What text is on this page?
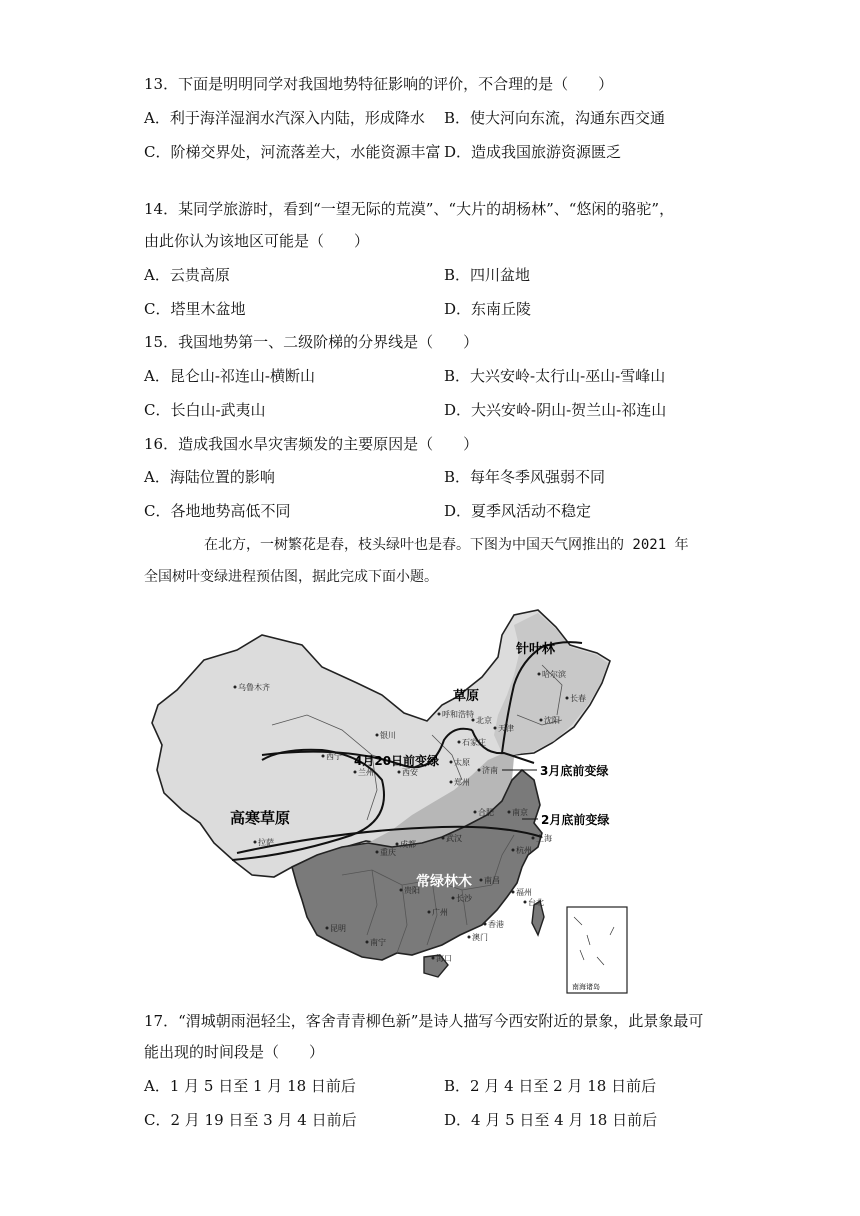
13．下面是明明同学对我国地势特征影响的评价，不合理的是（　　）
A．利于海洋湿润水汽深入内陆，形成降水 B．使大河向东流，沟通东西交通
C．阶梯交界处，河流落差大，水能资源丰富 D．造成我国旅游资源匮乏
14．某同学旅游时，看到“一望无际的荒漠”、“大片的胡杨林”、“悠闲的骆驼”，
由此你认为该地区可能是（　　）
A．云贵高原	B．四川盆地
C．塔里木盆地	D．东南丘陵
15．我国地势第一、二级阶梯的分界线是（　　）
A．昆仑山-祁连山-横断山	B．大兴安岭-太行山-巫山-雪峰山
C．长白山-武夷山	D．大兴安岭-阴山-贺兰山-祁连山
16．造成我国水旱灾害频发的主要原因是（　　）
A．海陆位置的影响	B．每年冬季风强弱不同
C．各地地势高低不同	D．夏季风活动不稳定
在北方，一树繁花是春，枝头绿叶也是春。下图为中国天气网推出的 2021 年
全国树叶变绿进程预估图，据此完成下面小题。
针叶林
草原
高寒草原
常绿林木
4月20日前变绿
3月底前变绿
2月底前变绿
乌鲁木齐
哈尔滨
长春
沈阳
呼和浩特
北京
天津
银川
石家庄
西宁
太原
济南
兰州	西安
郑州
拉萨	成都
合肥 南京
上海
武汉
杭州
重庆
贵阳
长沙
南昌
福州
台北
昆明
南宁
广州
香港
澳门
海口
南海诸岛
17．“渭城朝雨浥轻尘，客舍青青柳色新”是诗人描写今西安附近的景象，此景象最可
能出现的时间段是（　　）
A．1 月 5 日至 1 月 18 日前后	B．2 月 4 日至 2 月 18 日前后
C．2 月 19 日至 3 月 4 日前后	D．4 月 5 日至 4 月 18 日前后
